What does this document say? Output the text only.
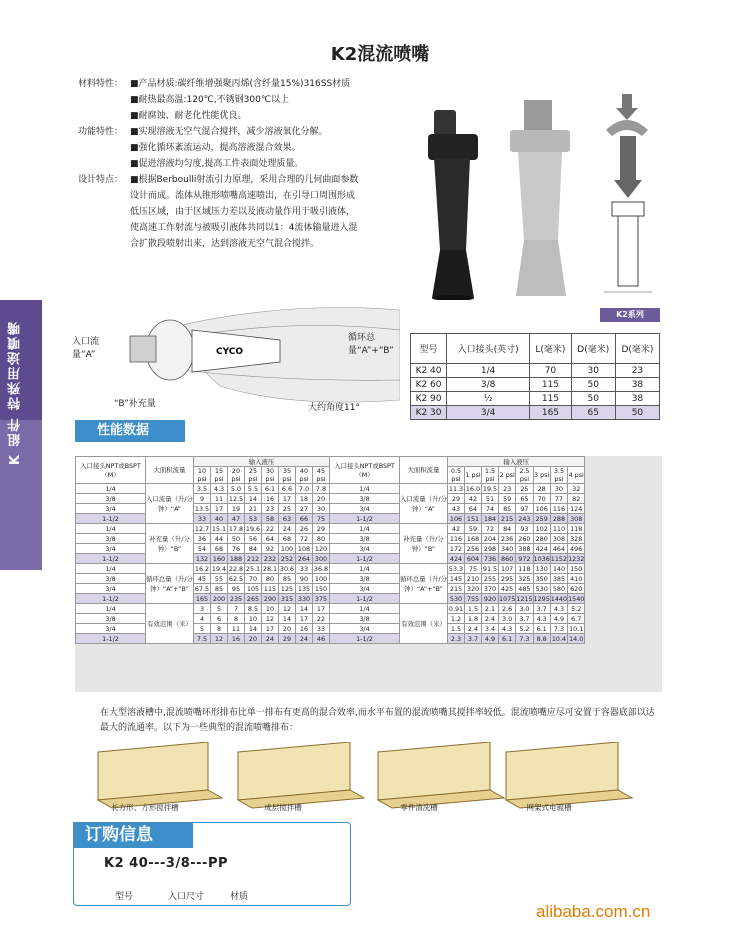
K 組件 特殊用途噴嘴
K2混流喷嘴
材料特性： ■产品材质:碳纤维增强聚丙烯(含纤量15%)316SS材质
■耐热最高温:120℃,不锈钢300℃以上
■耐腐蚀、耐老化性能优良。
功能特性： ■实现溶液无空气混合搅拌，减少溶液氧化分解。
■强化循环紊流运动，提高溶液混合效果。
■促进溶液均匀度,提高工件表面处理质量。
设计特点： ■根据Berboulli射流引力原理，采用合理的几何曲面参数
设计而成。流体从锥形喷嘴高速喷出，在引导口周围形成
低压区域，由于区域压力差以及液动量作用于吸引液体，
使高速工作射流与被吸引液体共同以1：4流体输量进入混
合扩散段喷射出来，达到溶液无空气混合搅拌。
K2系列
CYCO
入口流量“A”
“B”补充量
循环总量“A”+“B”
大约角度11°
型号	入口接头(英寸)	L(毫米)	D(毫米)	D(毫米)
K2 40	1/4	70	30	23
K2 60	3/8	115	50	38
K2 90	½	115	50	38
K2 30	3/4	165	65	50
性能数据
入口接头NPT或BSPT（M）	大面积流量	输入液压								入口接头NPT或BSPT（M）	大面积流量	输入液压							
		10 psi	15 psi	20 psi	25 psi	30 psi	35 psi	40 psi	45 psi			0.5 psi	1 psi	1.5 psi	2 psi	2.5 psi	3 psi	3.5 psi	4 psi
1/4	入口流量（升/分钟）“A”	3.5	4.3	5.0	5.5	6.1	6.6	7.0	7.8	1/4	入口流量（升/分钟）“A”	11.3	16.0	19.5	23	25	28	30	32
3/8		9	11	12.5	14	16	17	18	20	3/8		29	42	51	59	65	70	77	82
3/4		13.5	17	19	21	23	25	27	30	3/4		43	64	74	85	97	106	116	124
1-1/2		33	40	47	53	58	63	66	75	1-1/2		106	151	184	215	243	259	288	308
1/4	补充量（升/分钟）“B”	12.7	15.1	17.8	19.6	22	24	26	29	1/4	补充量（升/分钟）“B”	42	59	72	84	93	102	110	118
3/8		36	44	50	56	64	68	72	80	3/8		116	168	204	236	260	280	308	328
3/4		54	68	76	84	92	100	108	120	3/4		172	256	298	340	388	424	464	496
1-1/2		132	160	188	212	232	252	264	300	1-1/2		424	604	736	860	972	1036	1152	1232
1/4	循环总量（升/分钟）“A”+“B”	16.2	19.4	22.8	25.1	28.1	30.6	33	36.8	1/4	循环总量（升/分钟）“A”+“B”	53.3	75	91.5	107	118	130	140	150
3/8		45	55	62.5	70	80	85	90	100	3/8		145	210	255	295	325	350	385	410
3/4		67.5	85	95	105	115	125	135	150	3/4		215	320	370	425	485	530	580	620
1-1/2		165	200	235	265	290	315	330	375	1-1/2		530	755	920	1075	1215	1295	1440	1540
1/4	有效范围（米）	3	5	7	8.5	10	12	14	17	1/4	有效范围（米）	0.91	1.5	2.1	2.6	3.0	3.7	4.3	5.2
3/8		4	6	8	10	12	14	17	22	3/8		1.2	1.8	2.4	3.0	3.7	4.3	4.9	6.7
3/4		5	8	11	14	17	20	16	33	3/4		1.5	2.4	3.4	4.3	5.2	6.1	7.3	10.1
1-1/2		7.5	12	16	20	24	29	24	46	1-1/2		2.3	3.7	4.9	6.1	7.3	8.8	10.4	14.0
在大型溶液槽中,混流喷嘴环形排布比单一排布有更高的混合效率,而水平布置的混流喷嘴其搅拌率较低。混流喷嘴应尽可安置于容器底部以达最大的流通率。以下为一些典型的混流喷嘴排布：
长方形、方形搅拌槽	成层搅拌槽	零件清洗槽	网架式电镀槽
订购信息
K2 40---3/8---PP
型号	入口尺寸	材质
alibaba.com.cn
